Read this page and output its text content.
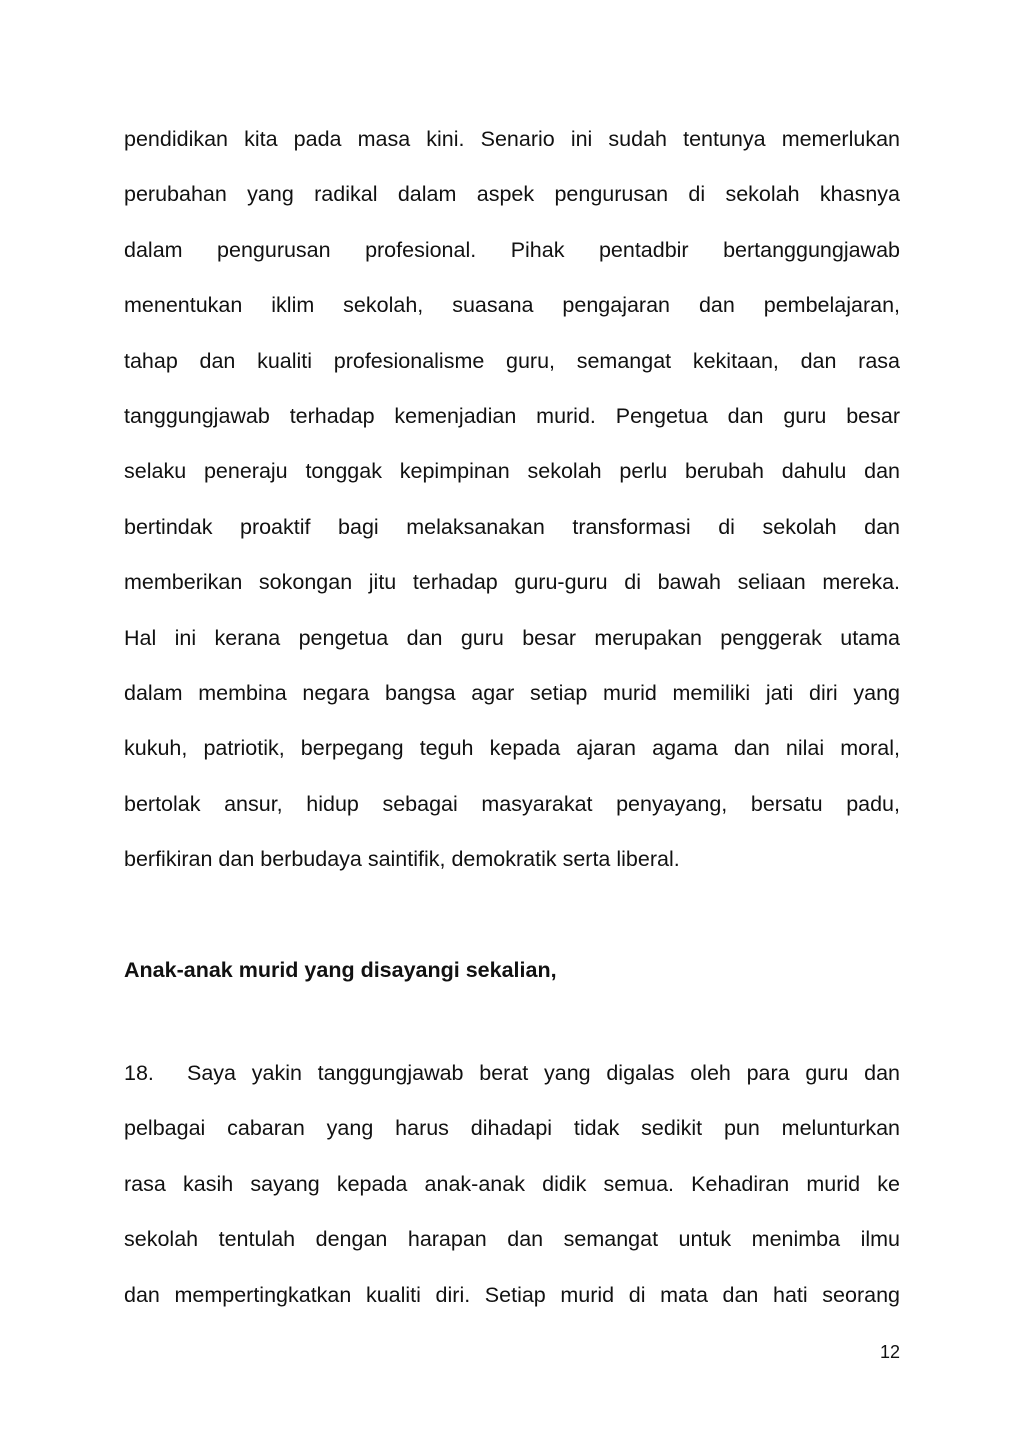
pendidikan kita pada masa kini. Senario ini sudah tentunya memerlukan
perubahan yang radikal dalam aspek pengurusan di sekolah khasnya
dalam pengurusan profesional. Pihak pentadbir bertanggungjawab
menentukan iklim sekolah, suasana pengajaran dan pembelajaran,
tahap dan kualiti profesionalisme guru, semangat kekitaan, dan rasa
tanggungjawab terhadap kemenjadian murid. Pengetua dan guru besar
selaku peneraju tonggak kepimpinan sekolah perlu berubah dahulu dan
bertindak proaktif bagi melaksanakan transformasi di sekolah dan
memberikan sokongan jitu terhadap guru-guru di bawah seliaan mereka.
Hal ini kerana pengetua dan guru besar merupakan penggerak utama
dalam membina negara bangsa agar setiap murid memiliki jati diri yang
kukuh, patriotik, berpegang teguh kepada ajaran agama dan nilai moral,
bertolak ansur, hidup sebagai masyarakat penyayang, bersatu padu,
berfikiran dan berbudaya saintifik, demokratik serta liberal.
Anak-anak murid yang disayangi sekalian,
18. Saya yakin tanggungjawab berat yang digalas oleh para guru dan
pelbagai cabaran yang harus dihadapi tidak sedikit pun melunturkan
rasa kasih sayang kepada anak-anak didik semua. Kehadiran murid ke
sekolah tentulah dengan harapan dan semangat untuk menimba ilmu
dan mempertingkatkan kualiti diri. Setiap murid di mata dan hati seorang
12
